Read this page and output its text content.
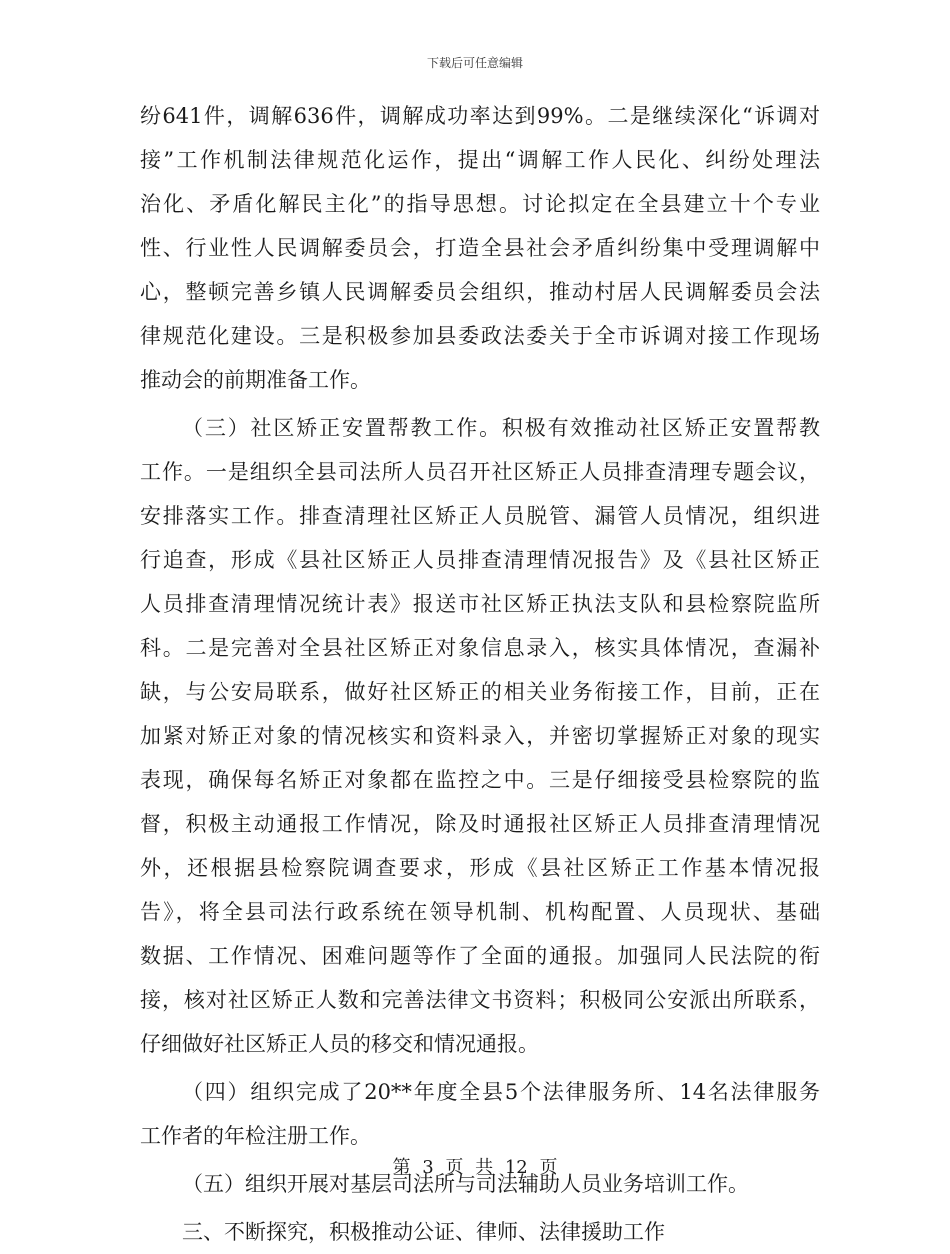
下载后可任意编辑
纷641件，调解636件，调解成功率达到99%。二是继续深化“诉调对
接”工作机制法律规范化运作，提出“调解工作人民化、纠纷处理法
治化、矛盾化解民主化”的指导思想。讨论拟定在全县建立十个专业
性、行业性人民调解委员会，打造全县社会矛盾纠纷集中受理调解中
心，整顿完善乡镇人民调解委员会组织，推动村居人民调解委员会法
律规范化建设。三是积极参加县委政法委关于全市诉调对接工作现场
推动会的前期准备工作。
（三）社区矫正安置帮教工作。积极有效推动社区矫正安置帮教
工作。一是组织全县司法所人员召开社区矫正人员排查清理专题会议，
安排落实工作。排查清理社区矫正人员脱管、漏管人员情况，组织进
行追查，形成《县社区矫正人员排查清理情况报告》及《县社区矫正
人员排查清理情况统计表》报送市社区矫正执法支队和县检察院监所
科。二是完善对全县社区矫正对象信息录入，核实具体情况，查漏补
缺，与公安局联系，做好社区矫正的相关业务衔接工作，目前，正在
加紧对矫正对象的情况核实和资料录入，并密切掌握矫正对象的现实
表现，确保每名矫正对象都在监控之中。三是仔细接受县检察院的监
督，积极主动通报工作情况，除及时通报社区矫正人员排查清理情况
外，还根据县检察院调查要求，形成《县社区矫正工作基本情况报
告》，将全县司法行政系统在领导机制、机构配置、人员现状、基础
数据、工作情况、困难问题等作了全面的通报。加强同人民法院的衔
接，核对社区矫正人数和完善法律文书资料；积极同公安派出所联系，
仔细做好社区矫正人员的移交和情况通报。
（四）组织完成了20**年度全县5个法律服务所、14名法律服务
工作者的年检注册工作。
（五）组织开展对基层司法所与司法辅助人员业务培训工作。
三、不断探究，积极推动公证、律师、法律援助工作
第 3 页 共 12 页
